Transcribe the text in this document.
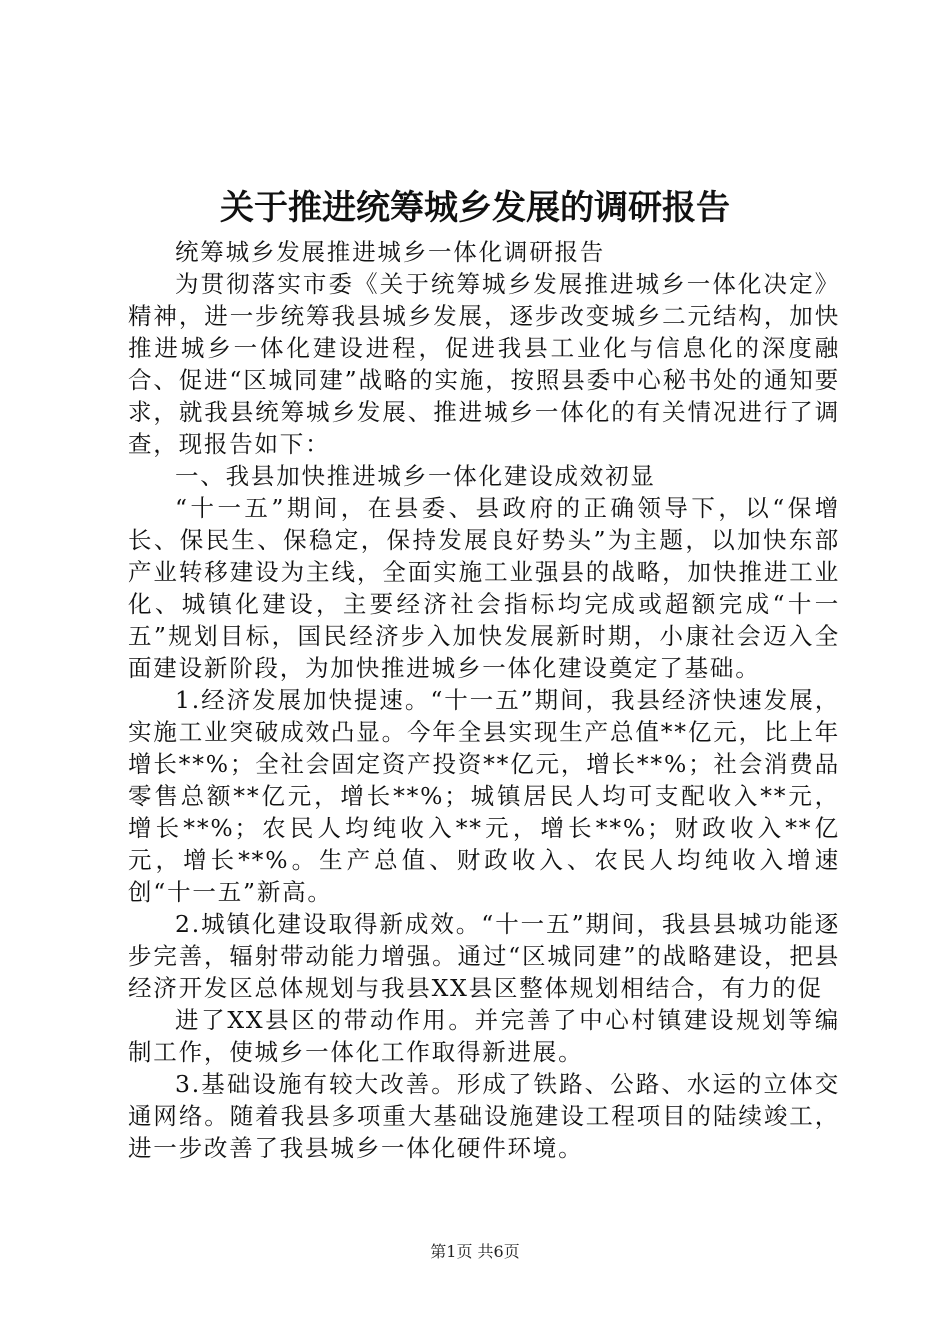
关于推进统筹城乡发展的调研报告

统筹城乡发展推进城乡一体化调研报告

为贯彻落实市委《关于统筹城乡发展推进城乡一体化决定》精神，进一步统筹我县城乡发展，逐步改变城乡二元结构，加快推进城乡一体化建设进程，促进我县工业化与信息化的深度融合、促进“区城同建”战略的实施，按照县委中心秘书处的通知要求，就我县统筹城乡发展、推进城乡一体化的有关情况进行了调查，现报告如下：

一、我县加快推进城乡一体化建设成效初显

“十一五”期间，在县委、县政府的正确领导下，以“保增长、保民生、保稳定，保持发展良好势头”为主题，以加快东部产业转移建设为主线，全面实施工业强县的战略，加快推进工业化、城镇化建设，主要经济社会指标均完成或超额完成“十一五”规划目标，国民经济步入加快发展新时期，小康社会迈入全面建设新阶段，为加快推进城乡一体化建设奠定了基础。

1.经济发展加快提速。“十一五”期间，我县经济快速发展，实施工业突破成效凸显。今年全县实现生产总值**亿元，比上年增长**%；全社会固定资产投资**亿元，增长**%；社会消费品零售总额**亿元，增长**%；城镇居民人均可支配收入**元，增长**%；农民人均纯收入**元，增长**%；财政收入**亿元，增长**%。生产总值、财政收入、农民人均纯收入增速创“十一五”新高。

2.城镇化建设取得新成效。“十一五”期间，我县县城功能逐步完善，辐射带动能力增强。通过“区城同建”的战略建设，把县经济开发区总体规划与我县XX县区整体规划相结合，有力的促

进了XX县区的带动作用。并完善了中心村镇建设规划等编制工作，使城乡一体化工作取得新进展。

3.基础设施有较大改善。形成了铁路、公路、水运的立体交通网络。随着我县多项重大基础设施建设工程项目的陆续竣工，进一步改善了我县城乡一体化硬件环境。

第1页 共6页
